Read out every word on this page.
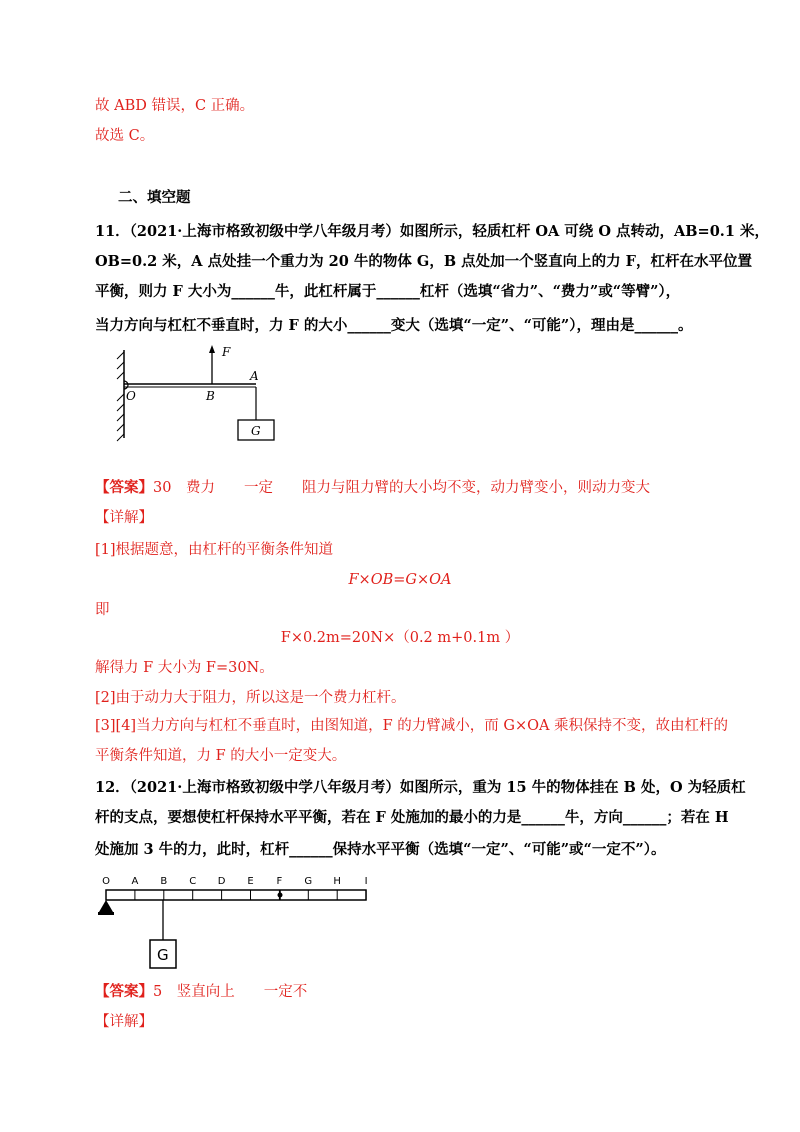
故 ABD 错误，C 正确。
故选 C。
二、填空题
11．（2021·上海市格致初级中学八年级月考）如图所示，轻质杠杆 OA 可绕 O 点转动，AB=0.1 米，
OB=0.2 米，A 点处挂一个重力为 20 牛的物体 G，B 点处加一个竖直向上的力 F，杠杆在水平位置
平衡，则力 F 大小为______牛，此杠杆属于______杠杆（选填“省力”、“费力”或“等臂”），
当力方向与杠杠不垂直时，力 F 的大小______变大（选填“一定”、“可能”），理由是______。
F
O	B
A
G
【答案】30　费力　　一定　　阻力与阻力臂的大小均不变，动力臂变小，则动力变大
【详解】
[1]根据题意，由杠杆的平衡条件知道
F×OB=G×OA
即
F×0.2m=20N×（0.2 m+0.1m ）
解得力 F 大小为 F=30N。
[2]由于动力大于阻力，所以这是一个费力杠杆。
[3][4]当力方向与杠杠不垂直时，由图知道，F 的力臂减小，而 G×OA 乘积保持不变，故由杠杆的
平衡条件知道，力 F 的大小一定变大。
12．（2021·上海市格致初级中学八年级月考）如图所示，重为 15 牛的物体挂在 B 处，O 为轻质杠
杆的支点，要想使杠杆保持水平平衡，若在 F 处施加的最小的力是______牛，方向______；若在 H
处施加 3 牛的力，此时，杠杆______保持水平平衡（选填“一定”、“可能”或“一定不”）。
O A B C D E F G H I
G
【答案】5　竖直向上　　一定不
【详解】
